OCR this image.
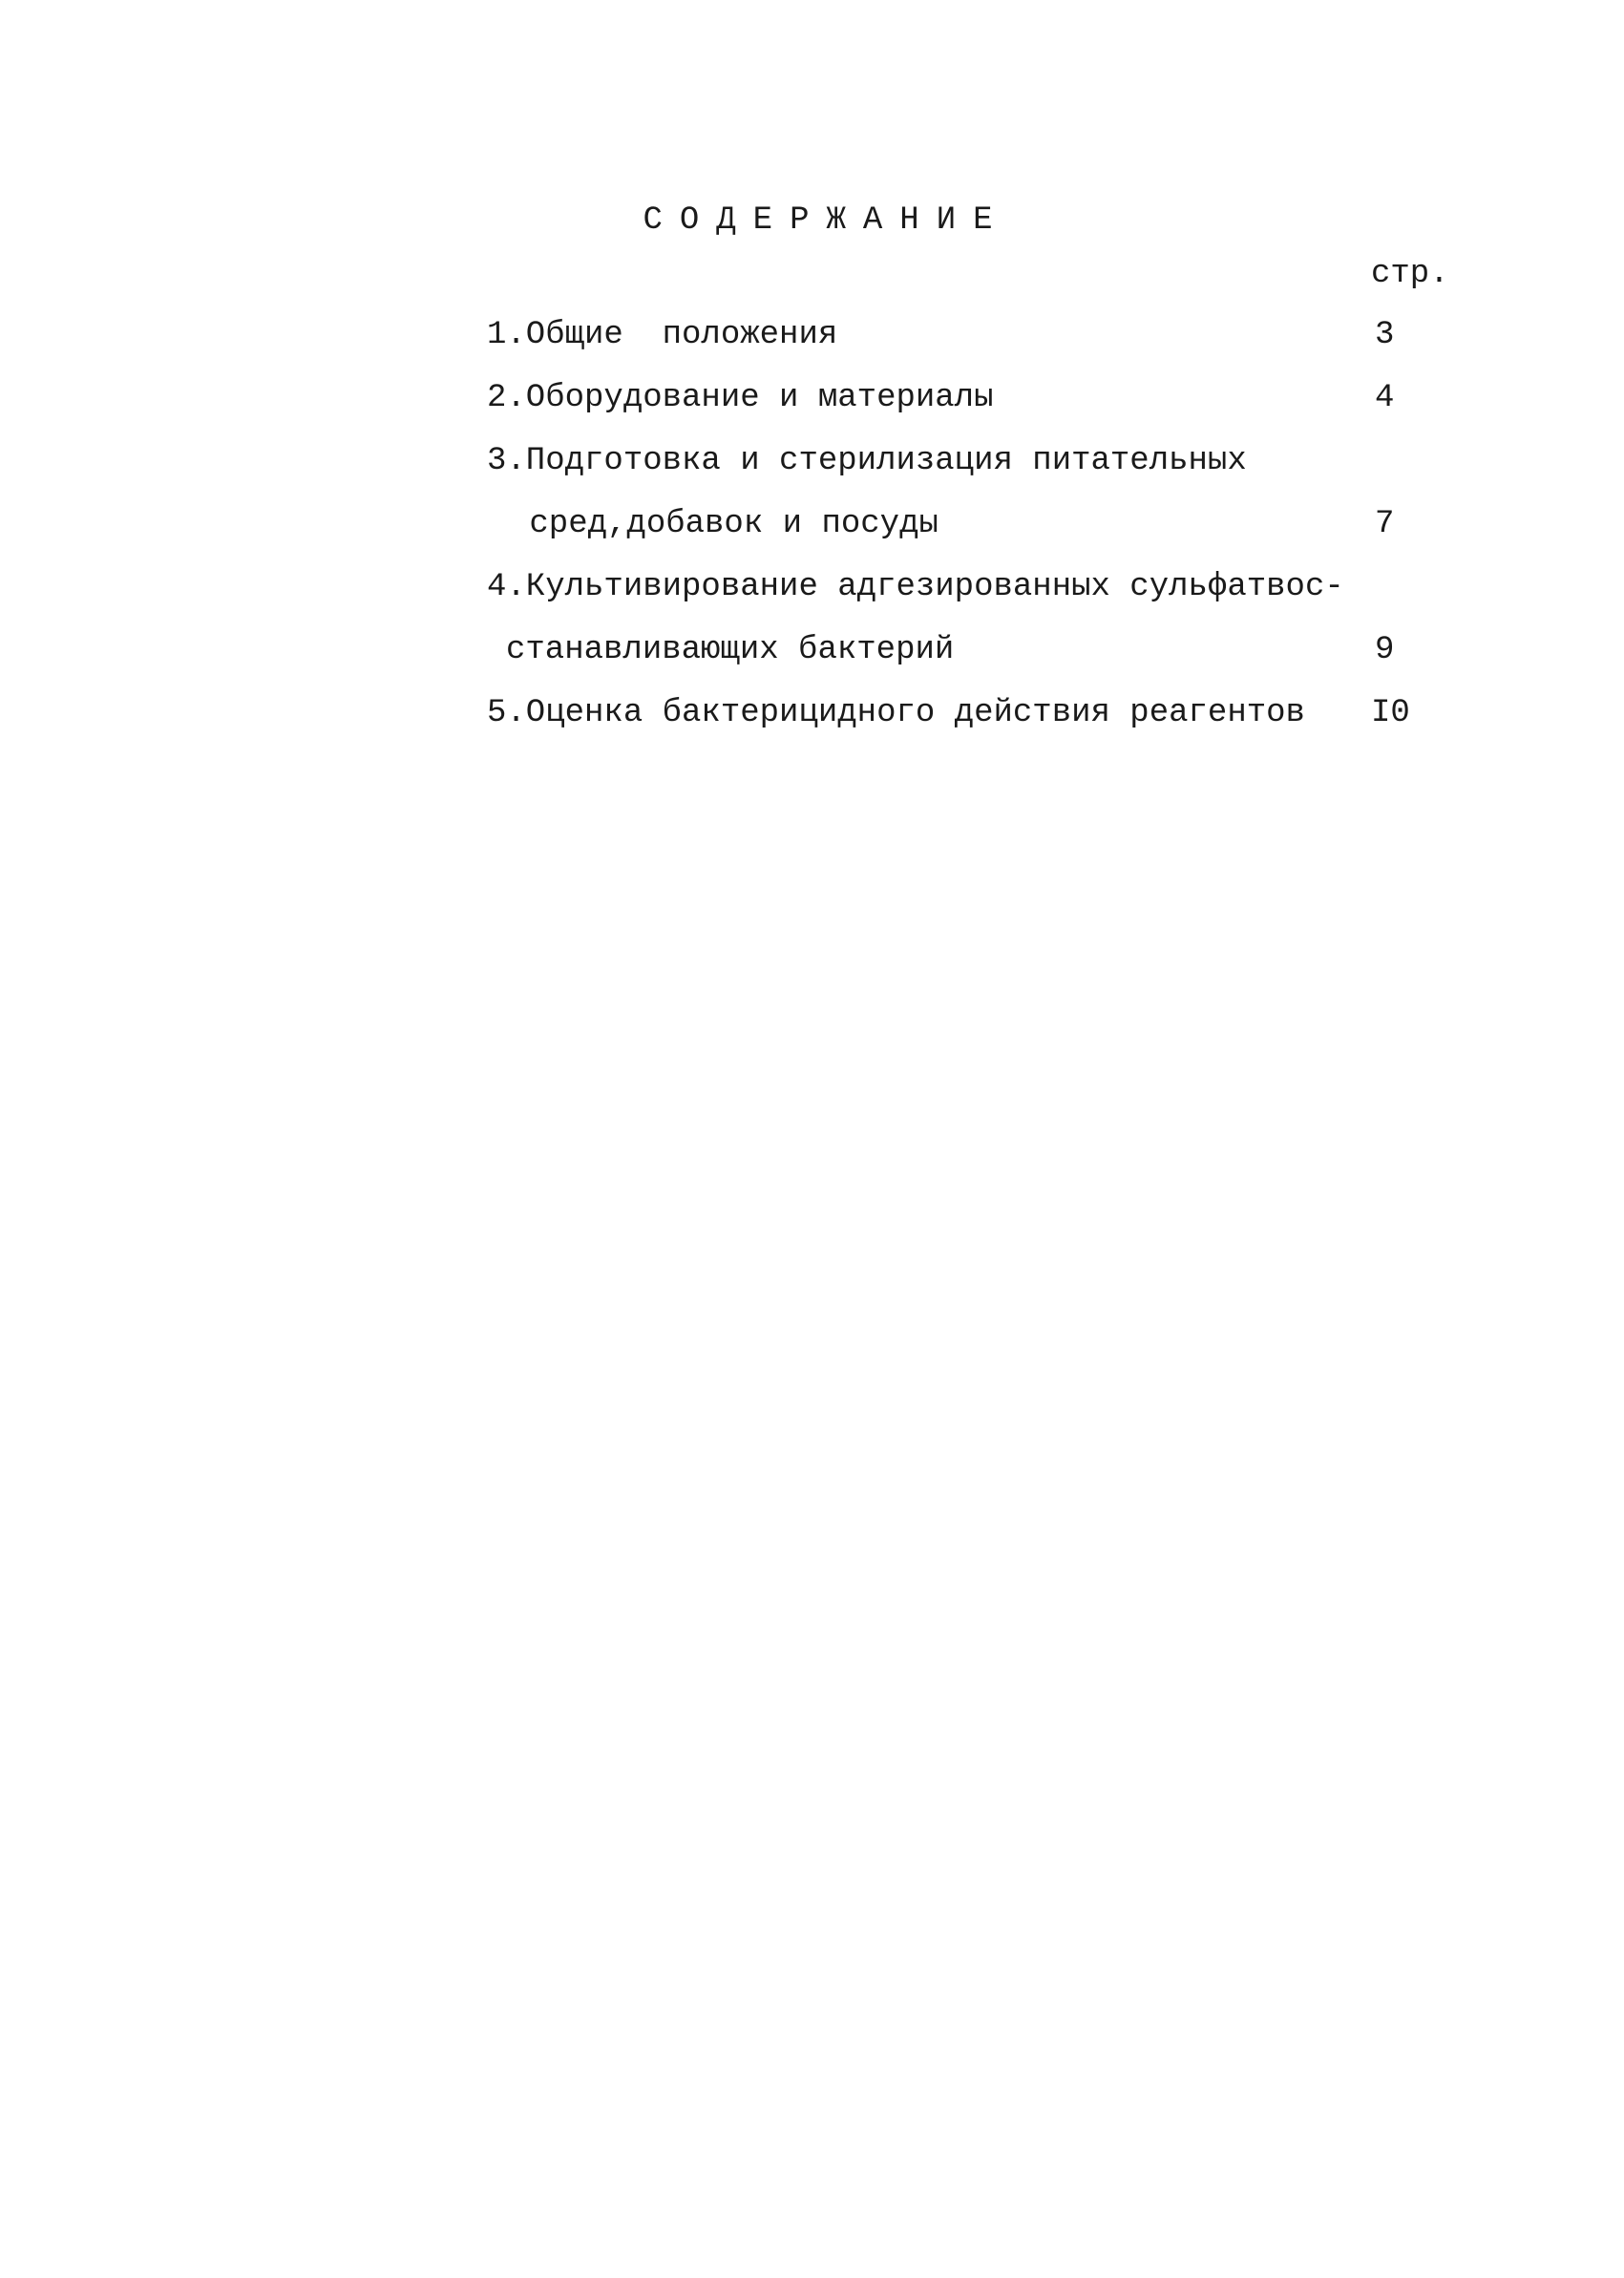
СОДЕРЖАНИЕ
стр.
1.Общие  положения	3
2.Оборудование и материалы	4
3.Подготовка и стерилизация питательных
сред,добавок и посуды	7
4.Культивирование адгезированных сульфатвос-
станавливающих бактерий	9
5.Оценка бактерицидного действия реагентов I0
